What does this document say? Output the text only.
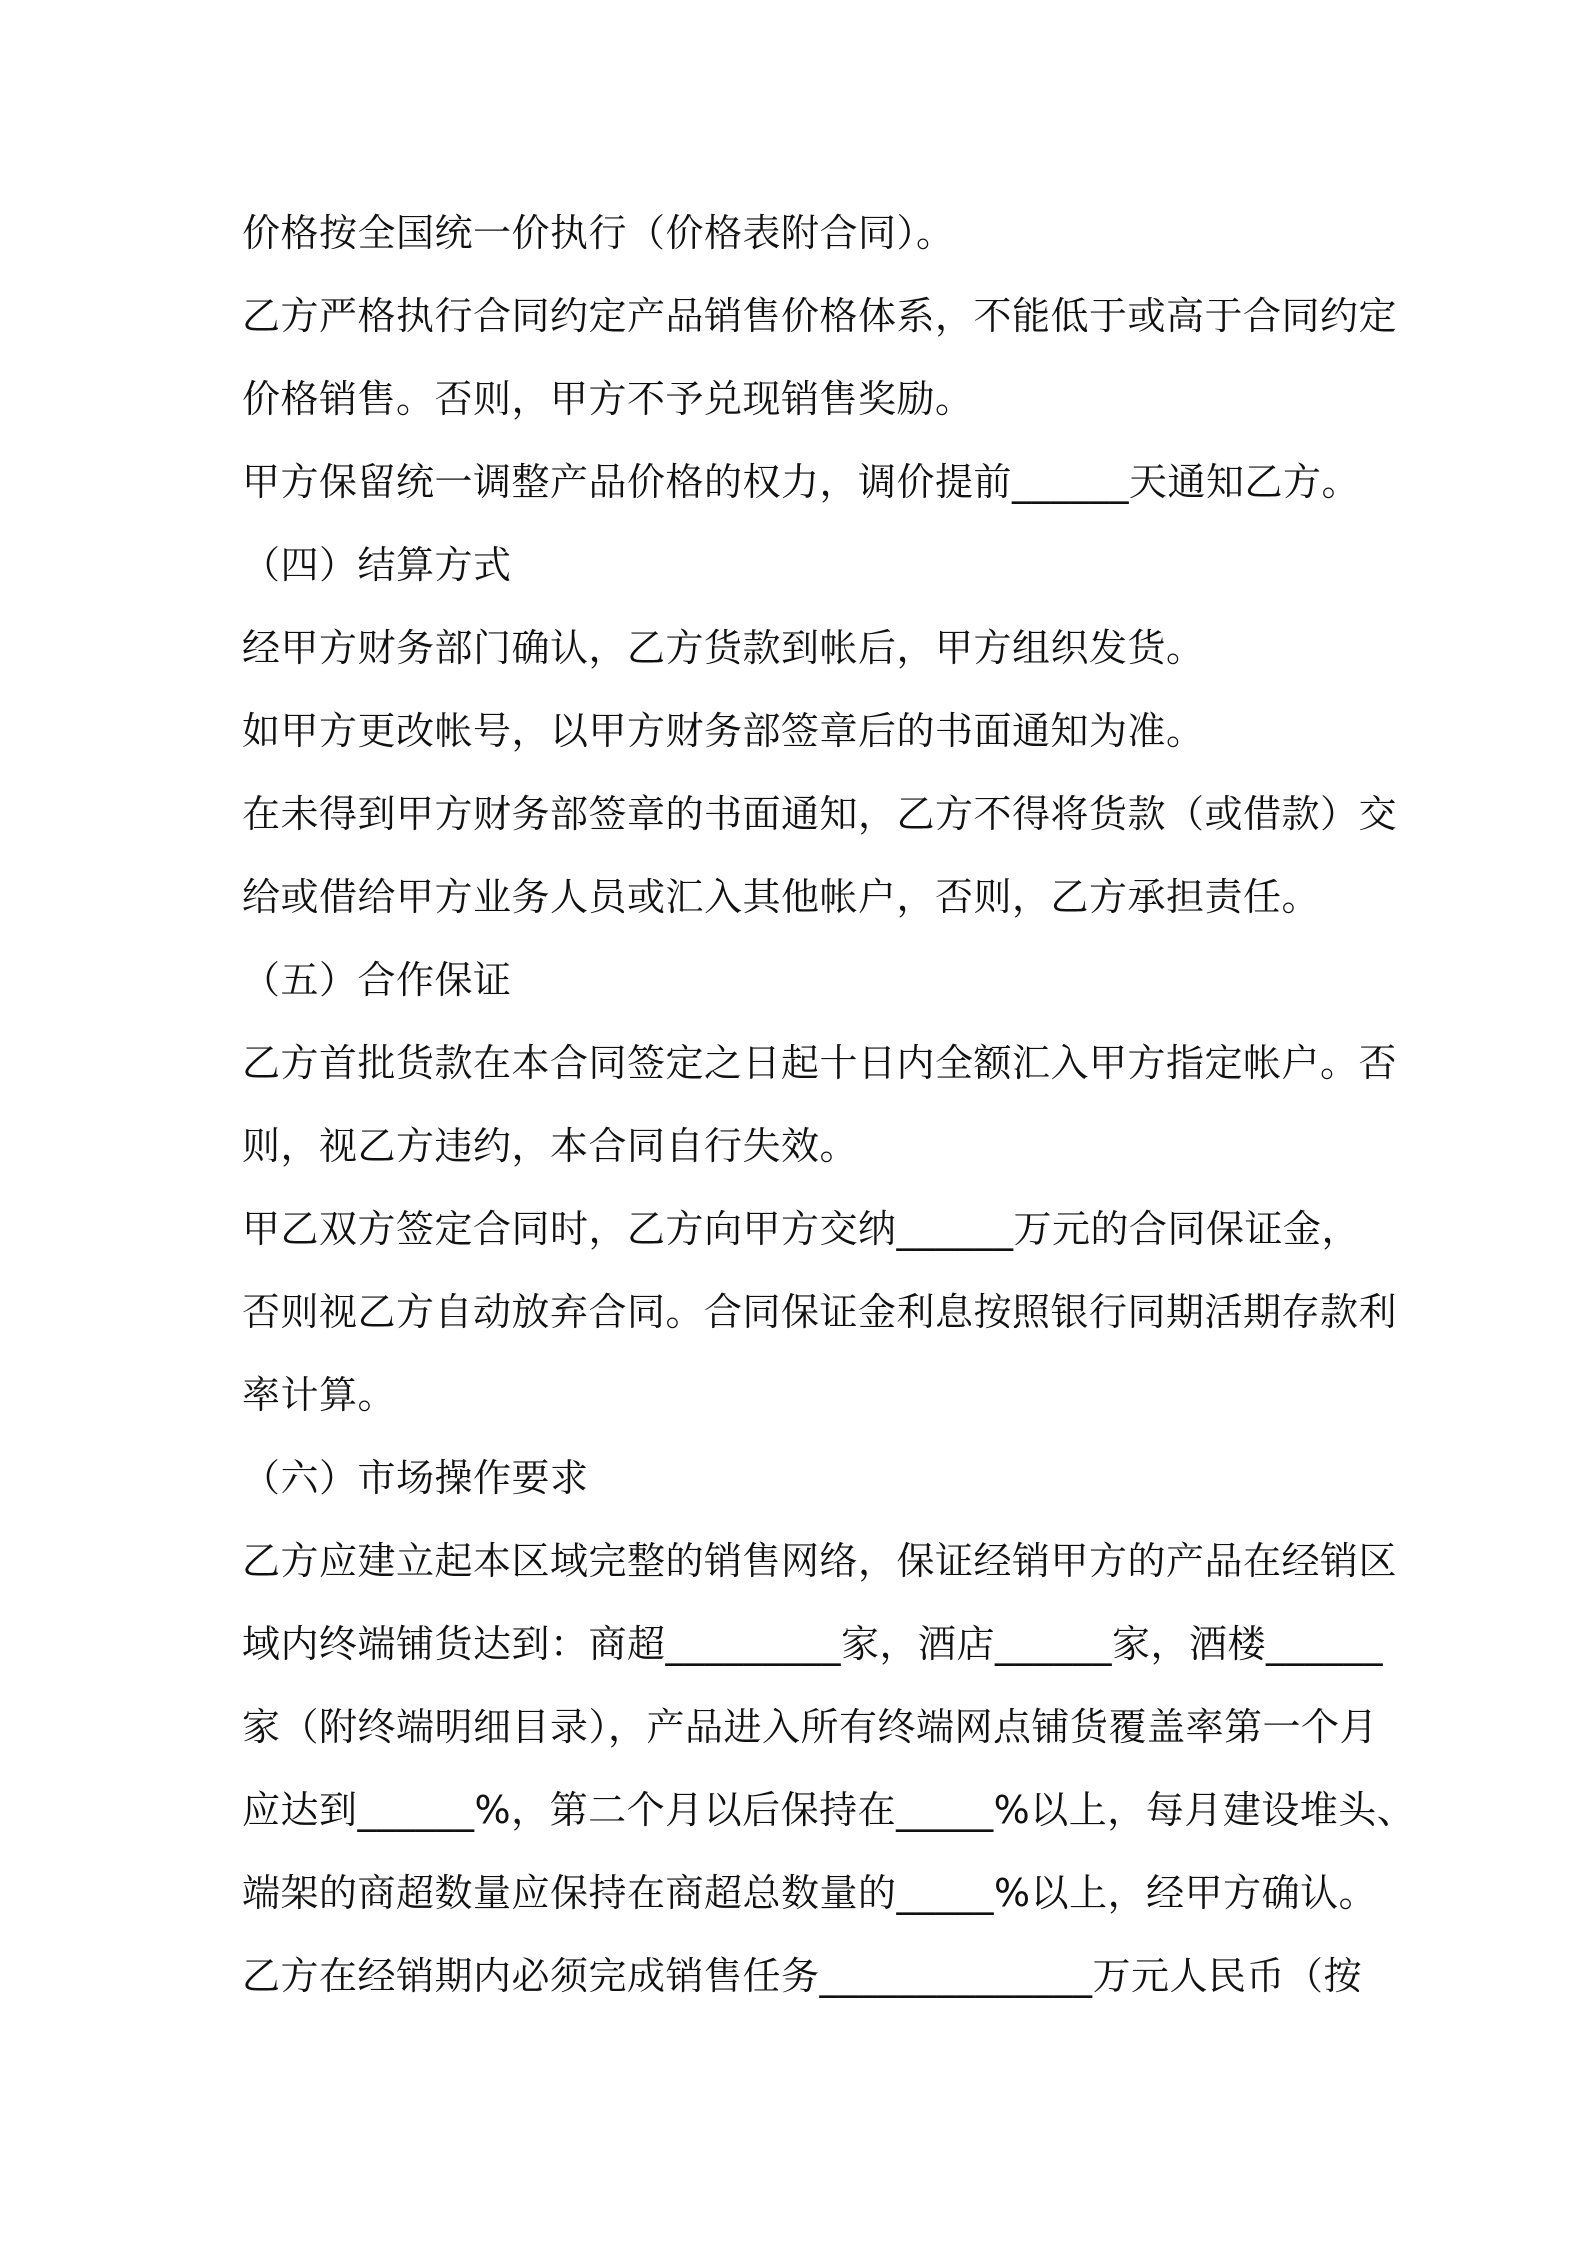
价格按全国统一价执行（价格表附合同）。
乙方严格执行合同约定产品销售价格体系，不能低于或高于合同约定
价格销售。否则，甲方不予兑现销售奖励。
甲方保留统一调整产品价格的权力，调价提前______天通知乙方。
（四）结算方式
经甲方财务部门确认，乙方货款到帐后，甲方组织发货。
如甲方更改帐号，以甲方财务部签章后的书面通知为准。
在未得到甲方财务部签章的书面通知，乙方不得将货款（或借款）交
给或借给甲方业务人员或汇入其他帐户，否则，乙方承担责任。
（五）合作保证
乙方首批货款在本合同签定之日起十日内全额汇入甲方指定帐户。否
则，视乙方违约，本合同自行失效。
甲乙双方签定合同时，乙方向甲方交纳______万元的合同保证金，
否则视乙方自动放弃合同。合同保证金利息按照银行同期活期存款利
率计算。
（六）市场操作要求
乙方应建立起本区域完整的销售网络，保证经销甲方的产品在经销区
域内终端铺货达到：商超_________家，酒店______家，酒楼______
家（附终端明细目录），产品进入所有终端网点铺货覆盖率第一个月
应达到______%，第二个月以后保持在_____%以上，每月建设堆头、
端架的商超数量应保持在商超总数量的_____%以上，经甲方确认。
乙方在经销期内必须完成销售任务______________万元人民币（按
